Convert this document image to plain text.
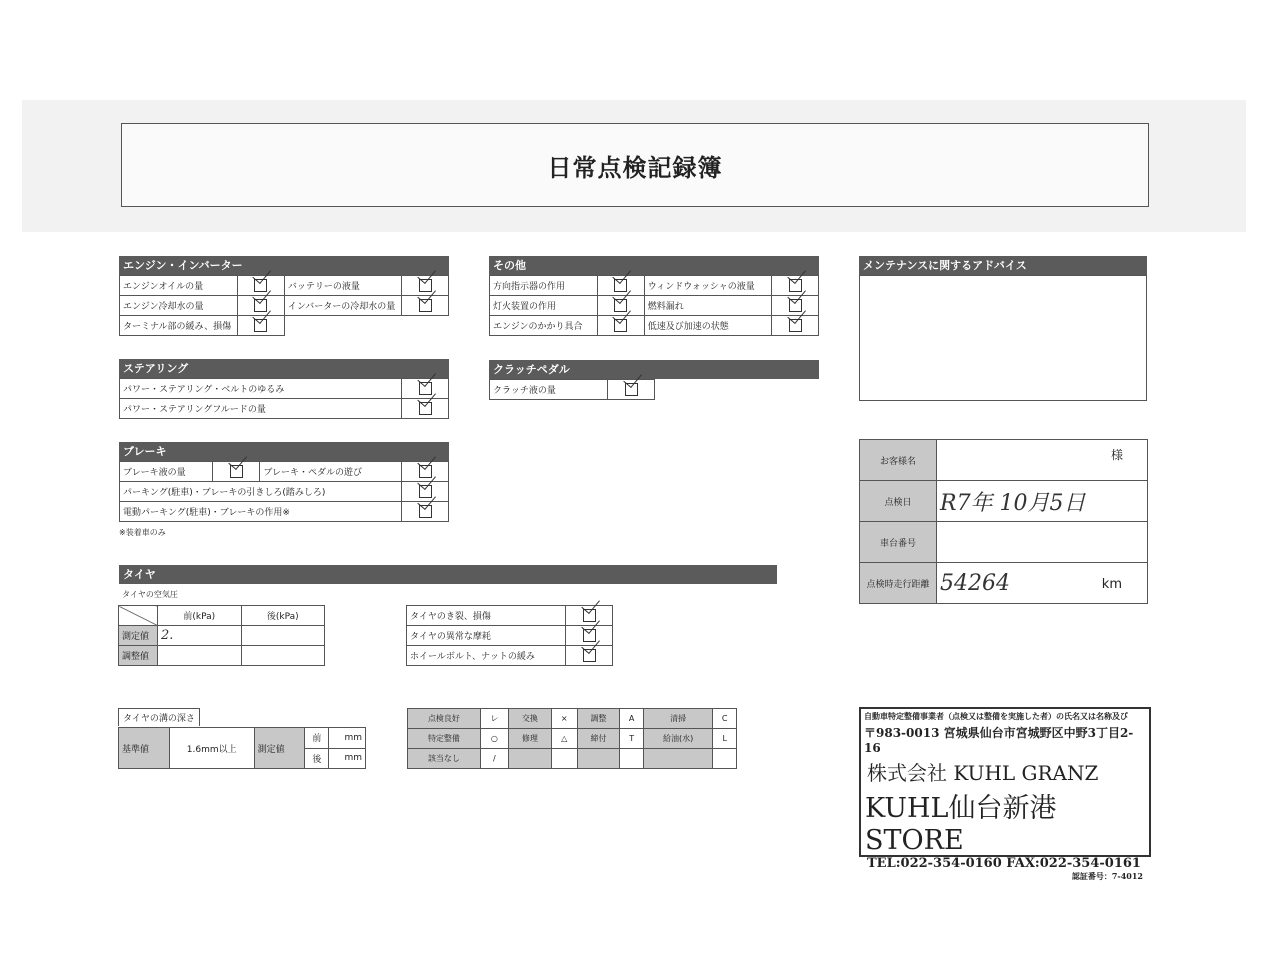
日常点検記録簿
エンジン・インバーター
エンジンオイルの量		バッテリーの液量	
エンジン冷却水の量		インバーターの冷却水の量	
ターミナル部の緩み、損傷			
その他
方向指示器の作用		ウィンドウォッシャの液量	
灯火装置の作用		燃料漏れ	
エンジンのかかり具合		低速及び加速の状態	
ステアリング
パワー・ステアリング・ベルトのゆるみ	
パワー・ステアリングフルードの量	
クラッチペダル
クラッチ液の量	
ブレーキ
ブレーキ液の量		ブレーキ・ペダルの遊び	
パーキング(駐車)・ブレーキの引きしろ(踏みしろ)			
電動パーキング(駐車)・ブレーキの作用※			
※装着車のみ
タイヤ
タイヤの空気圧
	前(kPa)	後(kPa)
測定値	2.	
調整値		
タイヤのき裂、損傷	
タイヤの異常な摩耗	
ホイールボルト、ナットの緩み	
タイヤの溝の深さ
基準値	1.6mm以上	測定値	前	mm
			後	mm
点検良好	レ	交換	×	調整	A	清掃	C
特定整備	○	修理	△	締付	T	給油(水)	L
該当なし	/						
メンテナンスに関するアドバイス
お客様名	様
点検日	R7年 10月5日
車台番号	
点検時走行距離	54264 km
自動車特定整備事業者（点検又は整備を実施した者）の氏名又は名称及び
〒983-0013 宮城県仙台市宮城野区中野3丁目2-16
株式会社 KUHL GRANZ
KUHL仙台新港STORE
TEL:022-354-0160 FAX:022-354-0161
認証番号：7-4012
